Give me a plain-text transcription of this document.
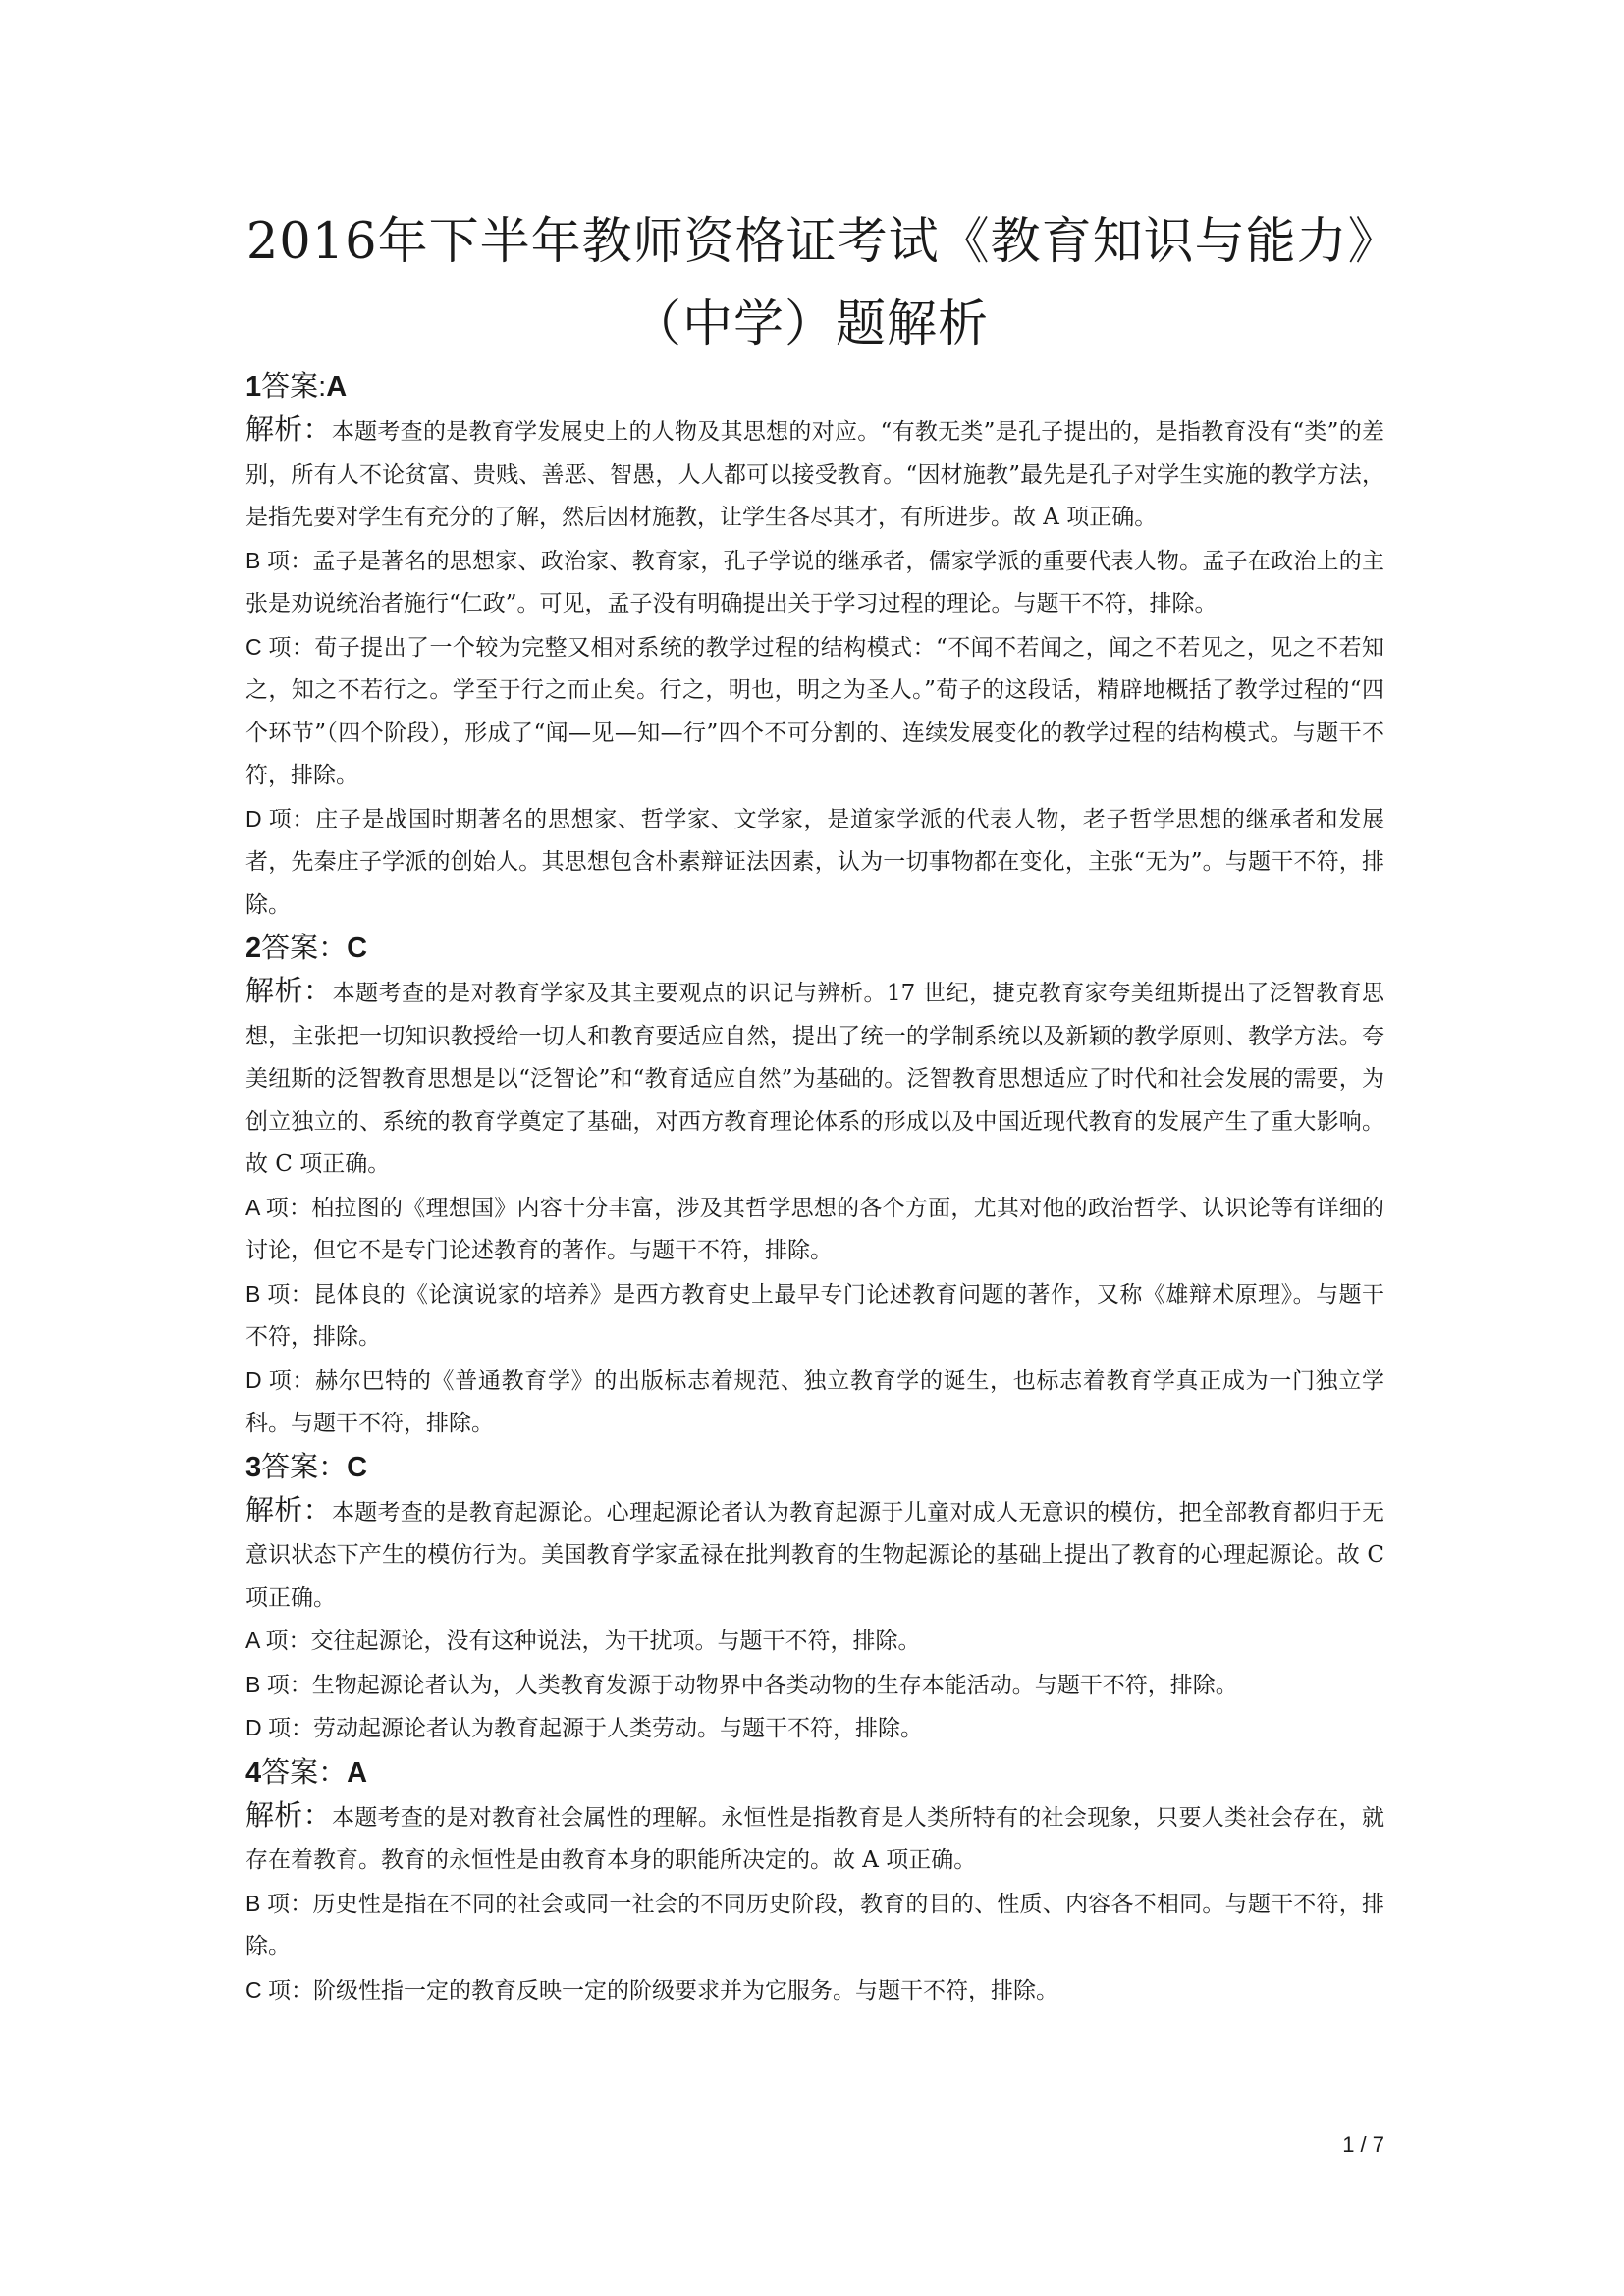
2016年下半年教师资格证考试《教育知识与能力》（中学）题解析
1答案:A

解析：本题考查的是教育学发展史上的人物及其思想的对应。“有教无类”是孔子提出的，是指教育没有“类”的差别，所有人不论贫富、贵贱、善恶、智愚，人人都可以接受教育。“因材施教”最先是孔子对学生实施的教学方法，是指先要对学生有充分的了解，然后因材施教，让学生各尽其才，有所进步。故 A 项正确。

B 项：孟子是著名的思想家、政治家、教育家，孔子学说的继承者，儒家学派的重要代表人物。孟子在政治上的主张是劝说统治者施行“仁政”。可见，孟子没有明确提出关于学习过程的理论。与题干不符，排除。

C 项：荀子提出了一个较为完整又相对系统的教学过程的结构模式：“不闻不若闻之，闻之不若见之，见之不若知之，知之不若行之。学至于行之而止矣。行之，明也，明之为圣人。”荀子的这段话，精辟地概括了教学过程的“四个环节”（四个阶段），形成了“闻—见—知—行”四个不可分割的、连续发展变化的教学过程的结构模式。与题干不符，排除。

D 项：庄子是战国时期著名的思想家、哲学家、文学家，是道家学派的代表人物，老子哲学思想的继承者和发展者，先秦庄子学派的创始人。其思想包含朴素辩证法因素，认为一切事物都在变化，主张“无为”。与题干不符，排除。

2答案：C

解析：本题考查的是对教育学家及其主要观点的识记与辨析。17 世纪，捷克教育家夸美纽斯提出了泛智教育思想，主张把一切知识教授给一切人和教育要适应自然，提出了统一的学制系统以及新颖的教学原则、教学方法。夸美纽斯的泛智教育思想是以“泛智论”和“教育适应自然”为基础的。泛智教育思想适应了时代和社会发展的需要，为创立独立的、系统的教育学奠定了基础，对西方教育理论体系的形成以及中国近现代教育的发展产生了重大影响。故 C 项正确。

A 项：柏拉图的《理想国》内容十分丰富，涉及其哲学思想的各个方面，尤其对他的政治哲学、认识论等有详细的讨论，但它不是专门论述教育的著作。与题干不符，排除。

B 项：昆体良的《论演说家的培养》是西方教育史上最早专门论述教育问题的著作，又称《雄辩术原理》。与题干不符，排除。

D 项：赫尔巴特的《普通教育学》的出版标志着规范、独立教育学的诞生，也标志着教育学真正成为一门独立学科。与题干不符，排除。

3答案：C

解析：本题考查的是教育起源论。心理起源论者认为教育起源于儿童对成人无意识的模仿，把全部教育都归于无意识状态下产生的模仿行为。美国教育学家孟禄在批判教育的生物起源论的基础上提出了教育的心理起源论。故 C 项正确。

A 项：交往起源论，没有这种说法，为干扰项。与题干不符，排除。

B 项：生物起源论者认为，人类教育发源于动物界中各类动物的生存本能活动。与题干不符，排除。

D 项：劳动起源论者认为教育起源于人类劳动。与题干不符，排除。

4答案：A

解析：本题考查的是对教育社会属性的理解。永恒性是指教育是人类所特有的社会现象，只要人类社会存在，就存在着教育。教育的永恒性是由教育本身的职能所决定的。故 A 项正确。

B 项：历史性是指在不同的社会或同一社会的不同历史阶段，教育的目的、性质、内容各不相同。与题干不符，排除。

C 项：阶级性指一定的教育反映一定的阶级要求并为它服务。与题干不符，排除。

1 / 7
